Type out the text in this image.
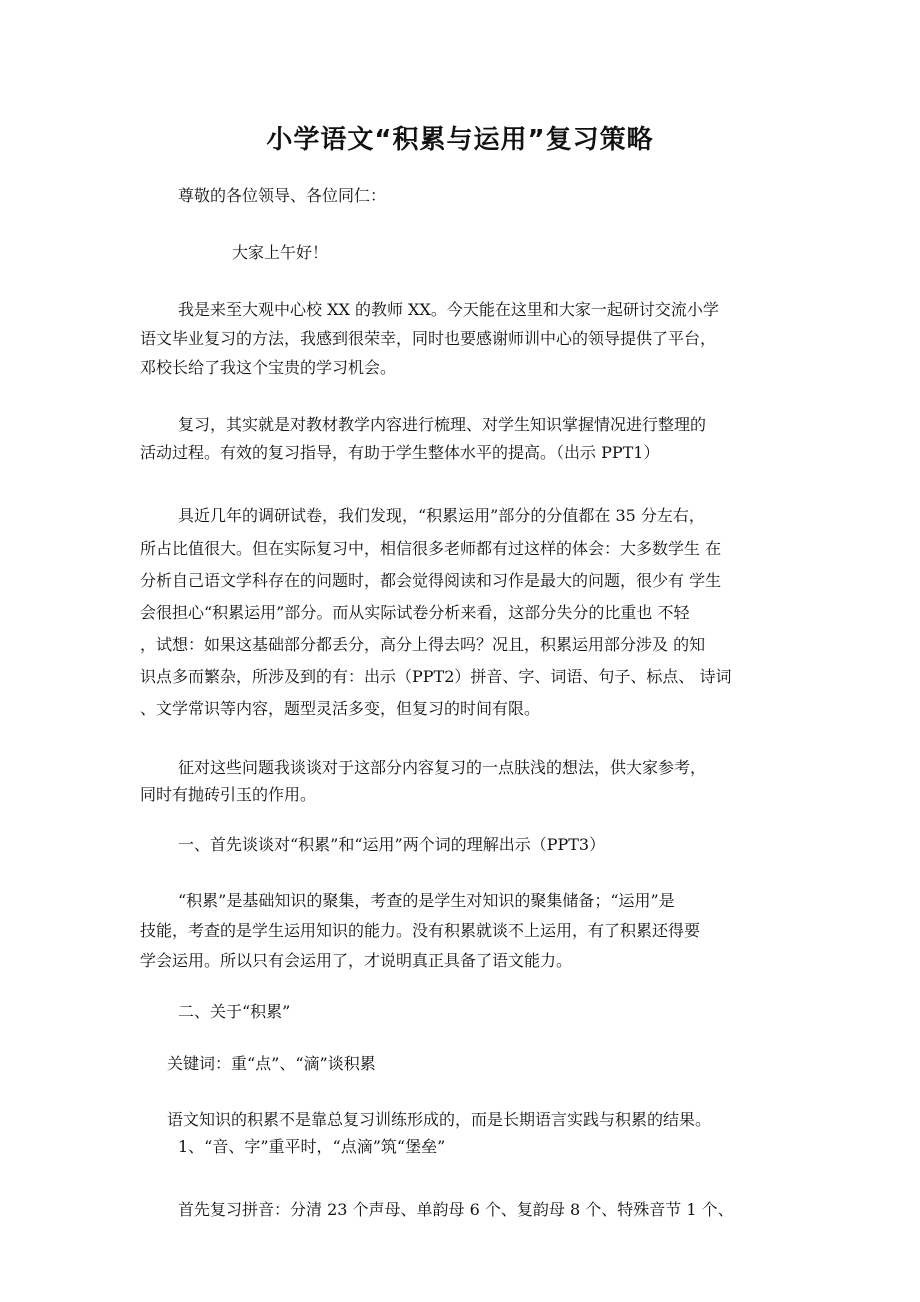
小学语文“积累与运用”复习策略
尊敬的各位领导、各位同仁：
大家上午好！
我是来至大观中心校 XX 的教师 XX。今天能在这里和大家一起研讨交流小学
语文毕业复习的方法，我感到很荣幸，同时也要感谢师训中心的领导提供了平台，
邓校长给了我这个宝贵的学习机会。
复习，其实就是对教材教学内容进行梳理、对学生知识掌握情况进行整理的
活动过程。有效的复习指导，有助于学生整体水平的提高。（出示 PPT1）
具近几年的调研试卷，我们发现，“积累运用”部分的分值都在 35 分左右，
所占比值很大。但在实际复习中，相信很多老师都有过这样的体会：大多数学生 在
分析自己语文学科存在的问题时，都会觉得阅读和习作是最大的问题，很少有 学生
会很担心“积累运用”部分。而从实际试卷分析来看，这部分失分的比重也 不轻
，试想：如果这基础部分都丢分，高分上得去吗？况且，积累运用部分涉及 的知
识点多而繁杂，所涉及到的有：出示（PPT2）拼音、字、词语、句子、标点、 诗词
、文学常识等内容，题型灵活多变，但复习的时间有限。
征对这些问题我谈谈对于这部分内容复习的一点肤浅的想法，供大家参考，
同时有抛砖引玉的作用。
一、首先谈谈对“积累”和“运用”两个词的理解出示（PPT3）
“积累”是基础知识的聚集，考查的是学生对知识的聚集储备；“运用”是
技能，考查的是学生运用知识的能力。没有积累就谈不上运用，有了积累还得要
学会运用。所以只有会运用了，才说明真正具备了语文能力。
二、关于“积累”
关键词：重“点”、“滴”谈积累
语文知识的积累不是靠总复习训练形成的，而是长期语言实践与积累的结果。
1、“音、字”重平时，“点滴”筑“堡垒”
首先复习拼音：分清 23 个声母、单韵母 6 个、复韵母 8 个、特殊音节 1 个、
